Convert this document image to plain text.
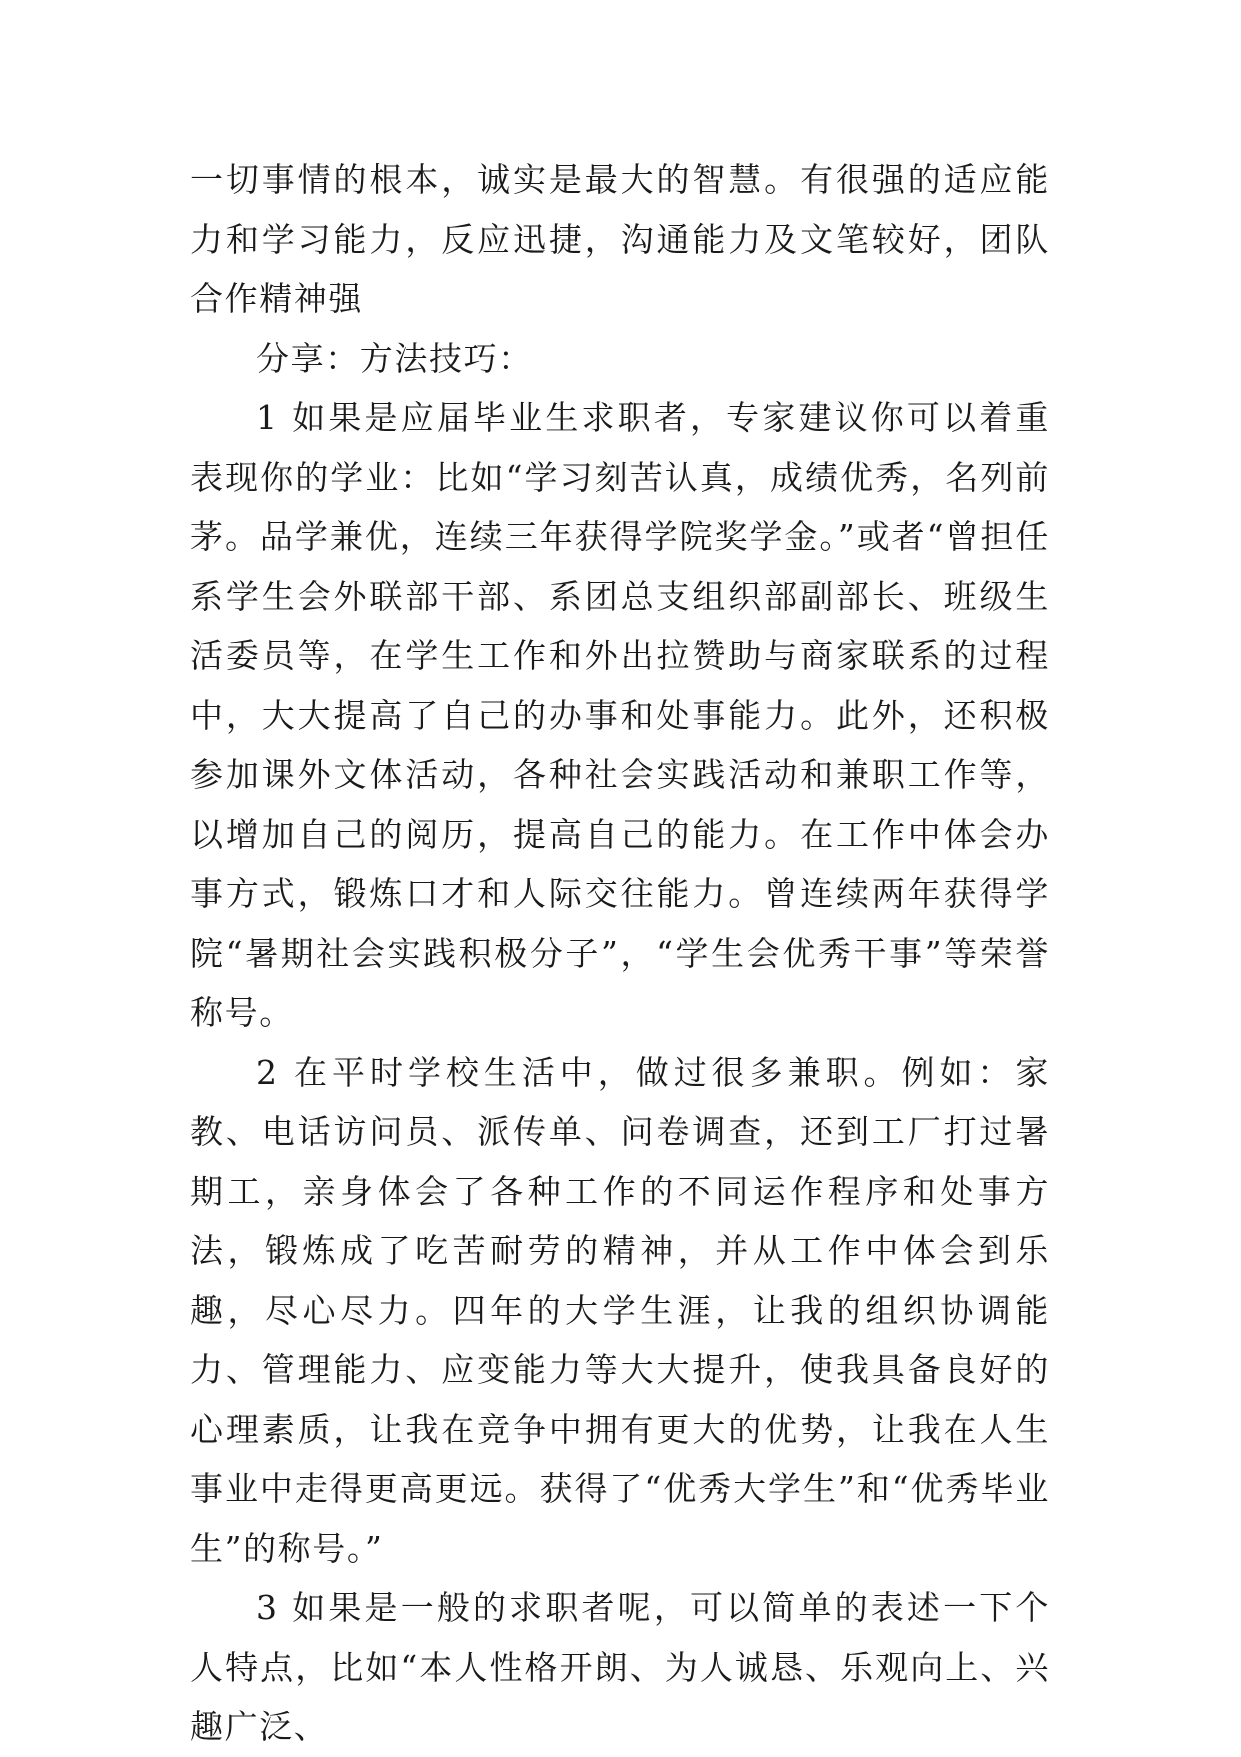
一切事情的根本，诚实是最大的智慧。有很强的适应能力和学习能力，反应迅捷，沟通能力及文笔较好，团队合作精神强

分享：方法技巧：

1 如果是应届毕业生求职者，专家建议你可以着重表现你的学业：比如“学习刻苦认真，成绩优秀，名列前茅。品学兼优，连续三年获得学院奖学金。”或者“曾担任系学生会外联部干部、系团总支组织部副部长、班级生活委员等，在学生工作和外出拉赞助与商家联系的过程中，大大提高了自己的办事和处事能力。此外，还积极参加课外文体活动，各种社会实践活动和兼职工作等，以增加自己的阅历，提高自己的能力。在工作中体会办事方式，锻炼口才和人际交往能力。曾连续两年获得学院“暑期社会实践积极分子”，“学生会优秀干事”等荣誉称号。

2 在平时学校生活中，做过很多兼职。例如：家教、电话访问员、派传单、问卷调查，还到工厂打过暑期工，亲身体会了各种工作的不同运作程序和处事方法，锻炼成了吃苦耐劳的精神，并从工作中体会到乐趣，尽心尽力。四年的大学生涯，让我的组织协调能力、管理能力、应变能力等大大提升，使我具备良好的心理素质，让我在竞争中拥有更大的优势，让我在人生事业中走得更高更远。获得了“优秀大学生”和“优秀毕业生”的称号。”

3 如果是一般的求职者呢，可以简单的表述一下个人特点，比如“本人性格开朗、为人诚恳、乐观向上、兴趣广泛、
